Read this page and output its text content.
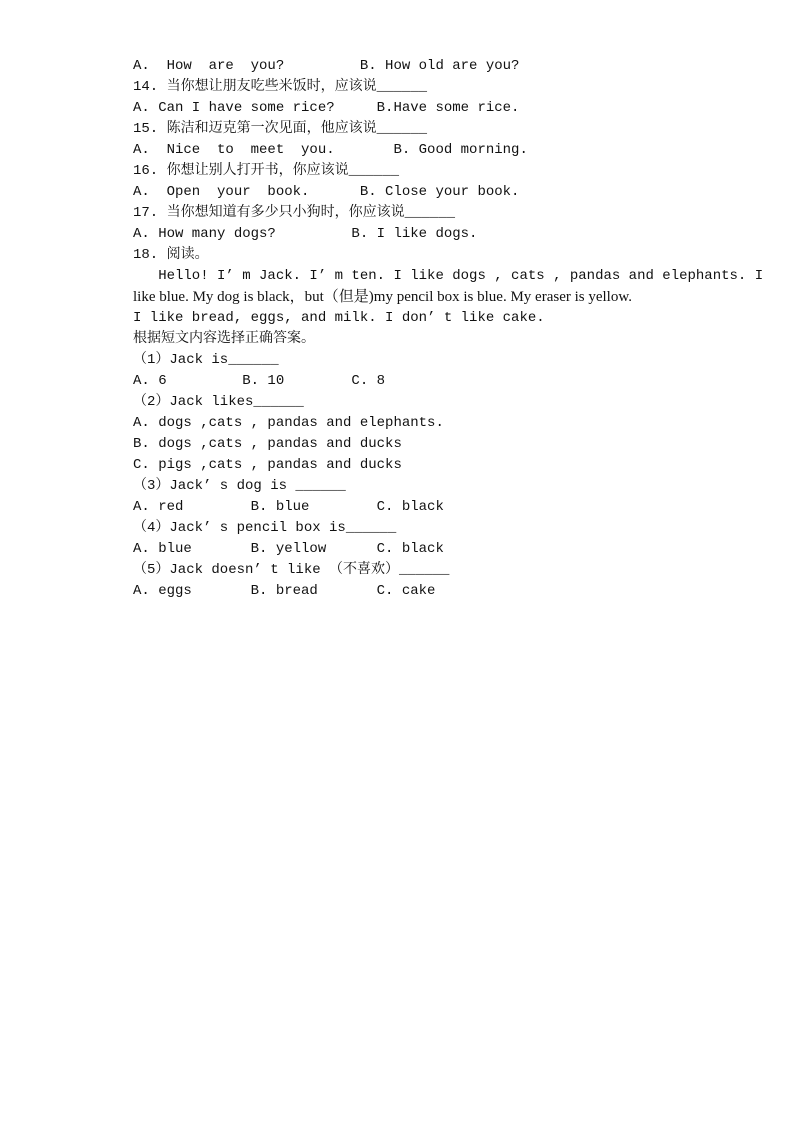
A.  How  are  you?         B. How old are you?
14. 当你想让朋友吃些米饭时，应该说______
A. Can I have some rice?     B.Have some rice.
15. 陈洁和迈克第一次见面，他应该说______
A.  Nice  to  meet  you.       B. Good morning.
16. 你想让别人打开书，你应该说______
A.  Open  your  book.      B. Close your book.
17. 当你想知道有多少只小狗时，你应该说______
A. How many dogs?         B. I like dogs.
18. 阅读。
Hello! I’ m Jack. I’ m ten. I like dogs , cats , pandas and elephants. I
like blue. My dog is black，but（但是)my pencil box is blue. My eraser is yellow.
I like bread, eggs, and milk. I don’ t like cake.
根据短文内容选择正确答案。
（1）Jack is______
A. 6         B. 10        C. 8
（2）Jack likes______
A. dogs ,cats , pandas and elephants.
B. dogs ,cats , pandas and ducks
C. pigs ,cats , pandas and ducks
（3）Jack’ s dog is ______
A. red        B. blue        C. black
（4）Jack’ s pencil box is______
A. blue       B. yellow      C. black
（5）Jack doesn’ t like （不喜欢）______
A. eggs       B. bread       C. cake
